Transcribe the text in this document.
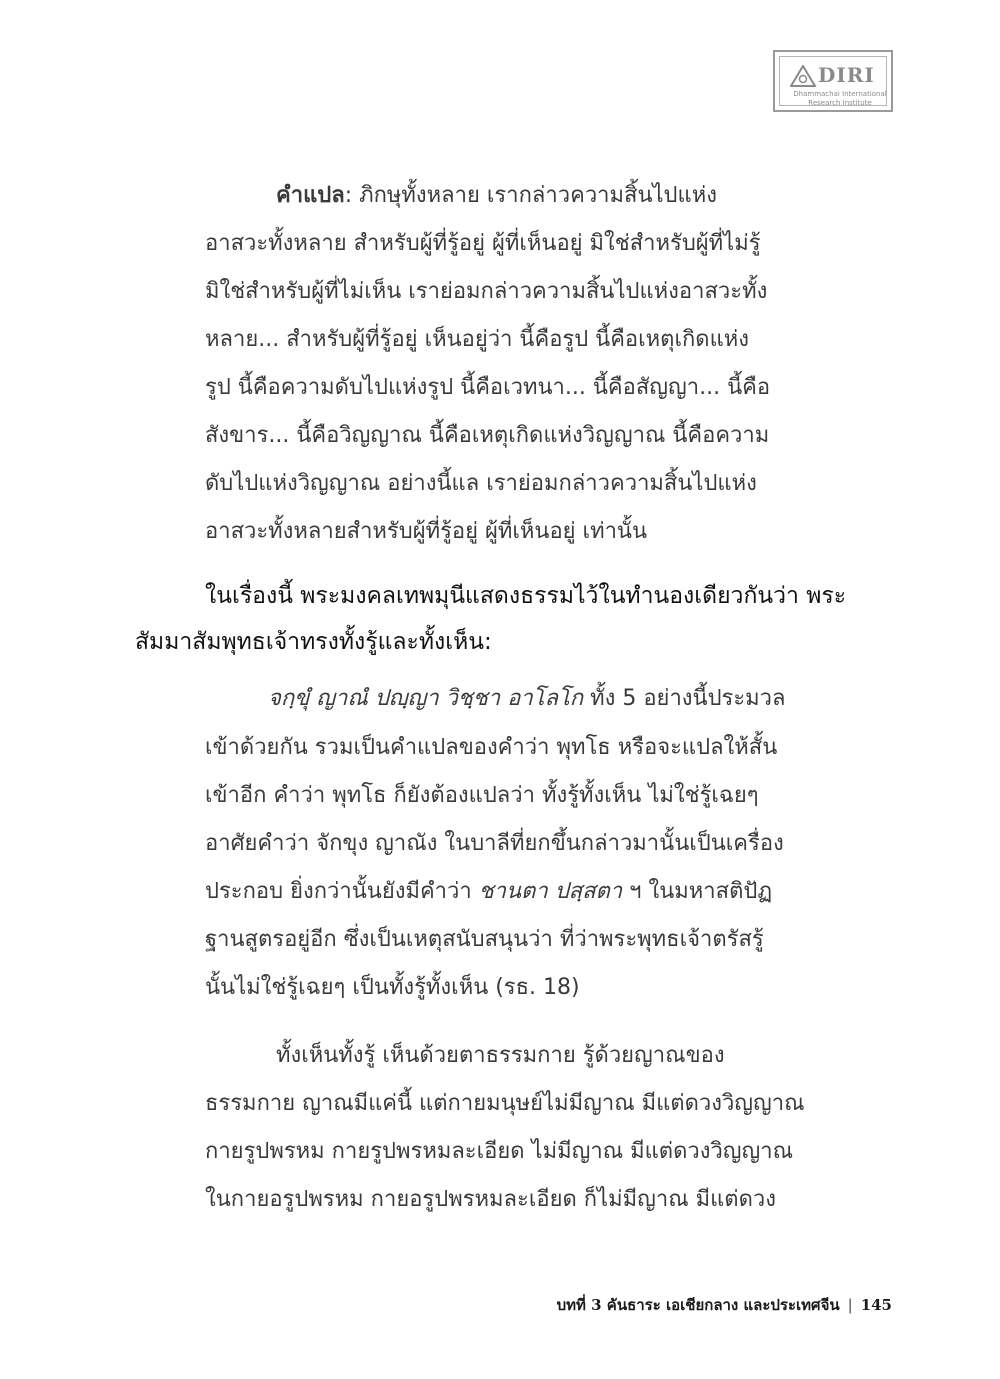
DIRI
Dhammachai International
Research Institute
คำแปล: ภิกษุทั้งหลาย เรากล่าวความสิ้นไปแห่ง
อาสวะทั้งหลาย สำหรับผู้ที่รู้อยู่ ผู้ที่เห็นอยู่ มิใช่สำหรับผู้ที่ไม่รู้
มิใช่สำหรับผู้ที่ไม่เห็น เราย่อมกล่าวความสิ้นไปแห่งอาสวะทั้ง
หลาย... สำหรับผู้ที่รู้อยู่ เห็นอยู่ว่า นี้คือรูป นี้คือเหตุเกิดแห่ง
รูป นี้คือความดับไปแห่งรูป นี้คือเวทนา... นี้คือสัญญา... นี้คือ
สังขาร... นี้คือวิญญาณ นี้คือเหตุเกิดแห่งวิญญาณ นี้คือความ
ดับไปแห่งวิญญาณ อย่างนี้แล เราย่อมกล่าวความสิ้นไปแห่ง
อาสวะทั้งหลายสำหรับผู้ที่รู้อยู่ ผู้ที่เห็นอยู่ เท่านั้น
ในเรื่องนี้ พระมงคลเทพมุนีแสดงธรรมไว้ในทำนองเดียวกันว่า พระ
สัมมาสัมพุทธเจ้าทรงทั้งรู้และทั้งเห็น:
จกฺขุํ ญาณํ ปญฺญา วิชฺชา อาโลโก ทั้ง 5 อย่างนี้ประมวล
เข้าด้วยกัน รวมเป็นคำแปลของคำว่า พุทโธ หรือจะแปลให้สั้น
เข้าอีก คำว่า พุทโธ ก็ยังต้องแปลว่า ทั้งรู้ทั้งเห็น ไม่ใช่รู้เฉยๆ
อาศัยคำว่า จักขุง ญาณัง ในบาลีที่ยกขึ้นกล่าวมานั้นเป็นเครื่อง
ประกอบ ยิ่งกว่านั้นยังมีคำว่า ชานตา ปสฺสตา ฯ ในมหาสติปัฏ
ฐานสูตรอยู่อีก ซึ่งเป็นเหตุสนับสนุนว่า ที่ว่าพระพุทธเจ้าตรัสรู้
นั้นไม่ใช่รู้เฉยๆ เป็นทั้งรู้ทั้งเห็น (รธ. 18)
ทั้งเห็นทั้งรู้ เห็นด้วยตาธรรมกาย รู้ด้วยญาณของ
ธรรมกาย ญาณมีแค่นี้ แต่กายมนุษย์ไม่มีญาณ มีแต่ดวงวิญญาณ
กายรูปพรหม กายรูปพรหมละเอียด ไม่มีญาณ มีแต่ดวงวิญญาณ
ในกายอรูปพรหม กายอรูปพรหมละเอียด ก็ไม่มีญาณ มีแต่ดวง
บทที่ 3 คันธาระ เอเชียกลาง และประเทศจีน | 145
